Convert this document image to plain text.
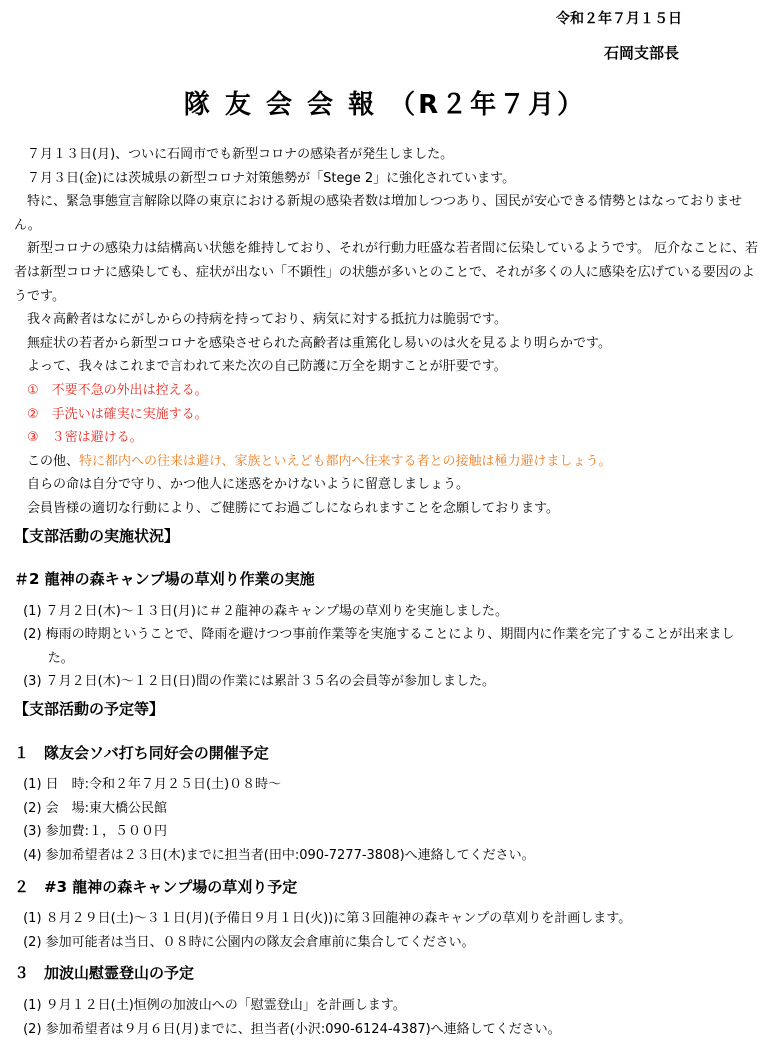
令和２年７月１５日
石岡支部長
隊 友 会 会 報 （R２年７月）

７月１３日(月)、ついに石岡市でも新型コロナの感染者が発生しました。

７月３日(金)には茨城県の新型コロナ対策態勢が「Stege 2」に強化されています。

特に、緊急事態宣言解除以降の東京における新規の感染者数は増加しつつあり、国民が安心できる情勢とはなっておりません。

新型コロナの感染力は結構高い状態を維持しており、それが行動力旺盛な若者間に伝染しているようです。 厄介なことに、若者は新型コロナに感染しても、症状が出ない「不顕性」の状態が多いとのことで、それが多くの人に感染を広げている要因のようです。

我々高齢者はなにがしからの持病を持っており、病気に対する抵抗力は脆弱です。

無症状の若者から新型コロナを感染させられた高齢者は重篤化し易いのは火を見るより明らかです。

よって、我々はこれまで言われて来た次の自己防護に万全を期すことが肝要です。

①　不要不急の外出は控える。

②　手洗いは確実に実施する。

③　３密は避ける。

この他、特に都内への往来は避け、家族といえども都内へ往来する者との接触は極力避けましょう。

自らの命は自分で守り、かつ他人に迷惑をかけないように留意しましょう。

会員皆様の適切な行動により、ご健勝にてお過ごしになられますことを念願しております。

【支部活動の実施状況】

＃2 龍神の森キャンプ場の草刈り作業の実施

(1) ７月２日(木)～１３日(月)に＃２龍神の森キャンプ場の草刈りを実施しました。

(2) 梅雨の時期ということで、降雨を避けつつ事前作業等を実施することにより、期間内に作業を完了することが出来ました。

(3) ７月２日(木)～１２日(日)間の作業には累計３５名の会員等が参加しました。

【支部活動の予定等】

１　隊友会ソバ打ち同好会の開催予定

(1) 日　時:令和２年７月２５日(土)０８時～

(2) 会　場:東大橋公民館

(3) 参加費:１，５００円

(4) 参加希望者は２３日(木)までに担当者(田中:090-7277-3808)へ連絡してください。

２　#3 龍神の森キャンプ場の草刈り予定

(1) ８月２９日(土)～３１日(月)(予備日９月１日(火))に第３回龍神の森キャンプの草刈りを計画します。

(2) 参加可能者は当日、０８時に公園内の隊友会倉庫前に集合してください。

３　加波山慰霊登山の予定

(1) ９月１２日(土)恒例の加波山への「慰霊登山」を計画します。

(2) 参加希望者は９月６日(月)までに、担当者(小沢:090-6124-4387)へ連絡してください。
